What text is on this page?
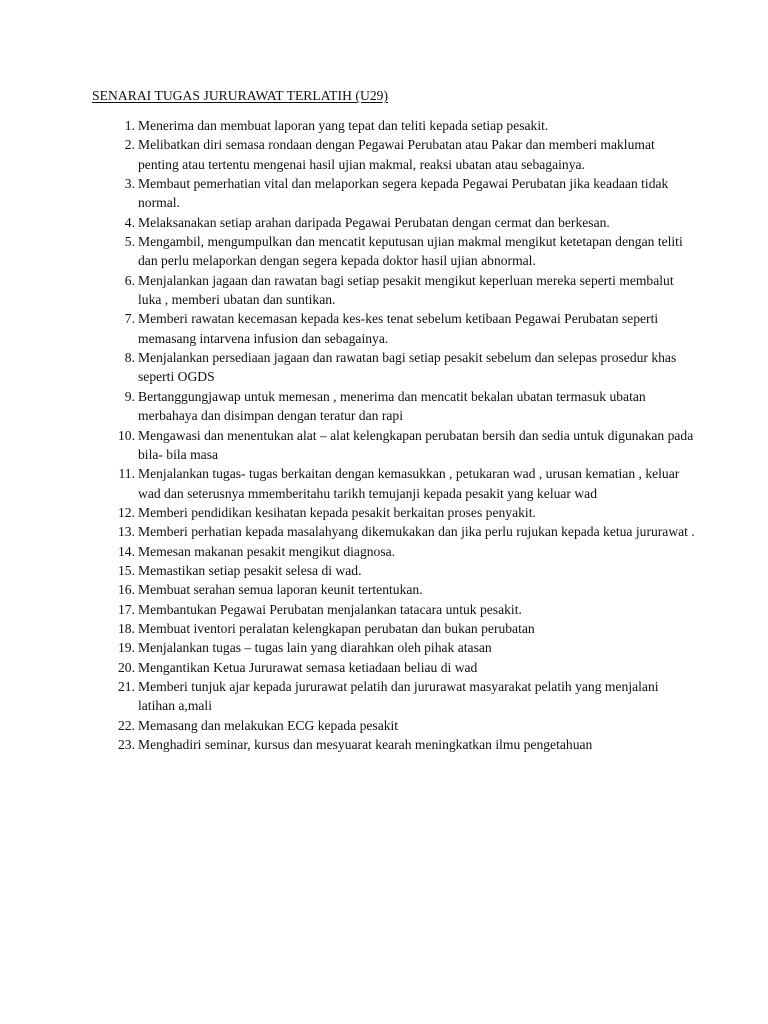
SENARAI TUGAS JURURAWAT TERLATIH (U29)
1. Menerima dan membuat laporan yang tepat dan teliti kepada setiap pesakit.
2. Melibatkan diri semasa rondaan dengan Pegawai Perubatan atau Pakar dan memberi maklumat penting atau tertentu mengenai hasil ujian makmal, reaksi ubatan atau sebagainya.
3. Membaut pemerhatian vital dan melaporkan segera kepada Pegawai Perubatan jika keadaan tidak normal.
4. Melaksanakan setiap arahan daripada Pegawai Perubatan dengan cermat dan berkesan.
5. Mengambil, mengumpulkan dan mencatit keputusan ujian makmal mengikut ketetapan dengan teliti dan perlu melaporkan dengan segera kepada doktor hasil ujian abnormal.
6. Menjalankan jagaan dan rawatan bagi setiap pesakit mengikut keperluan mereka seperti membalut luka , memberi ubatan dan suntikan.
7. Memberi rawatan kecemasan kepada kes-kes tenat sebelum ketibaan Pegawai Perubatan seperti memasang intarvena infusion dan sebagainya.
8. Menjalankan persediaan jagaan dan rawatan bagi setiap pesakit sebelum dan selepas prosedur khas seperti OGDS
9. Bertanggungjawap untuk memesan , menerima dan mencatit bekalan ubatan termasuk ubatan merbahaya dan disimpan dengan teratur dan rapi
10. Mengawasi dan menentukan alat – alat kelengkapan perubatan bersih dan sedia untuk digunakan pada bila- bila masa
11. Menjalankan tugas- tugas berkaitan dengan kemasukkan , petukaran wad , urusan kematian , keluar wad dan seterusnya mmemberitahu tarikh temujanji kepada pesakit yang keluar wad
12. Memberi pendidikan kesihatan kepada pesakit berkaitan proses penyakit.
13. Memberi perhatian kepada masalahyang dikemukakan dan jika perlu rujukan kepada ketua jururawat .
14. Memesan makanan pesakit mengikut diagnosa.
15. Memastikan setiap pesakit selesa di wad.
16. Membuat serahan semua laporan keunit tertentukan.
17. Membantukan Pegawai Perubatan menjalankan tatacara untuk pesakit.
18. Membuat iventori peralatan kelengkapan perubatan dan bukan perubatan
19. Menjalankan tugas – tugas lain yang diarahkan oleh pihak atasan
20. Mengantikan Ketua Jururawat semasa ketiadaan beliau di wad
21. Memberi tunjuk ajar kepada jururawat pelatih dan jururawat masyarakat pelatih yang menjalani latihan a,mali
22. Memasang dan melakukan ECG kepada pesakit
23. Menghadiri seminar, kursus dan mesyuarat kearah meningkatkan ilmu pengetahuan
